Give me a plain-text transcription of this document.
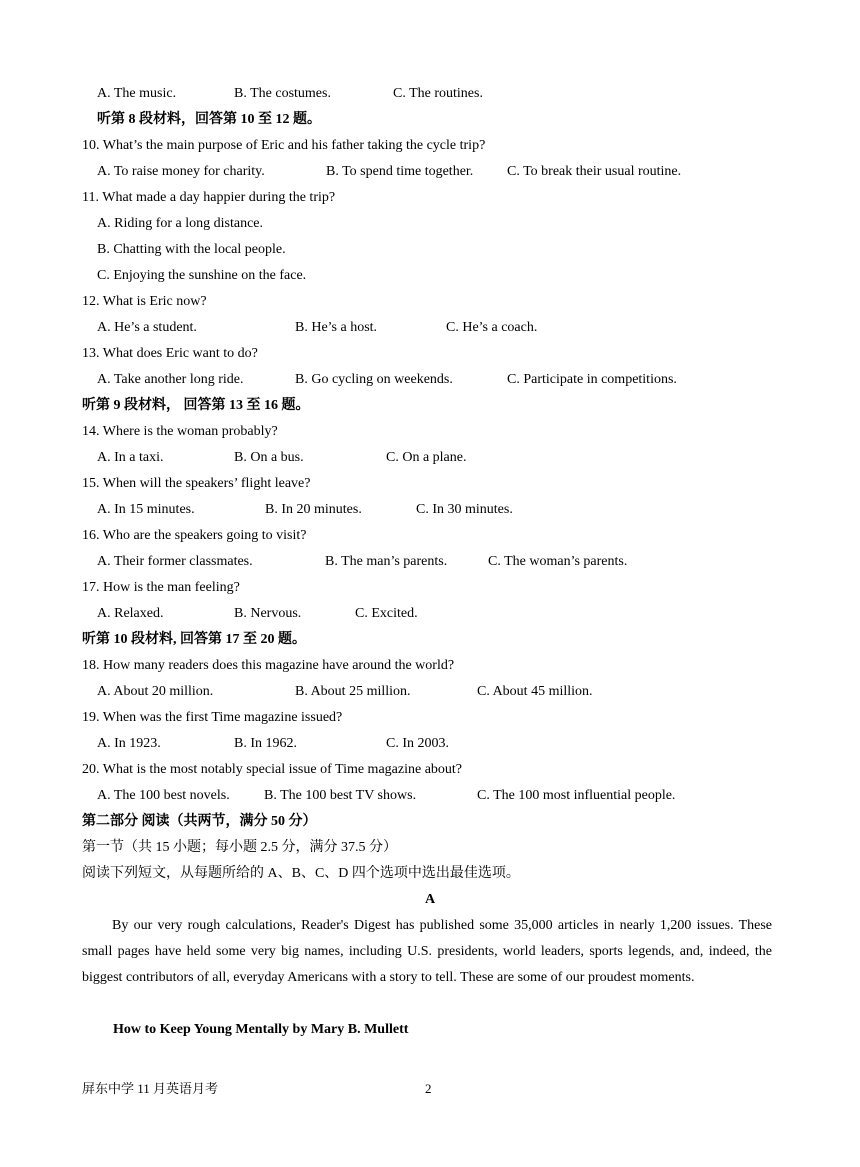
A. The music.	B. The costumes.	C. The routines.
听第 8 段材料，回答第 10 至 12 题。
10. What’s the main purpose of Eric and his father taking the cycle trip?
A. To raise money for charity.	B. To spend time together. C. To break their usual routine.
11. What made a day happier during the trip?
A. Riding for a long distance.
B. Chatting with the local people.
C. Enjoying the sunshine on the face.
12. What is Eric now?
A. He’s a student.	B. He’s a host.	C. He’s a coach.
13. What does Eric want to do?
A. Take another long ride.	B. Go cycling on weekends.	C. Participate in competitions.
听第 9 段材料， 回答第 13 至 16 题。
14. Where is the woman probably?
A. In a taxi.	B. On a bus.	C. On a plane.
15. When will the speakers’ flight leave?
A. In 15 minutes.	B. In 20 minutes.	C. In 30 minutes.
16. Who are the speakers going to visit?
A. Their former classmates.	B. The man’s parents.	C. The woman’s parents.
17. How is the man feeling?
A. Relaxed.	B. Nervous.	C. Excited.
听第 10 段材料, 回答第 17 至 20 题。
18. How many readers does this magazine have around the world?
A. About 20 million.	B. About 25 million.	C. About 45 million.
19. When was the first Time magazine issued?
A. In 1923.	B. In 1962.	C. In 2003.
20. What is the most notably special issue of Time magazine about?
A. The 100 best novels. B. The 100 best TV shows.	C. The 100 most influential people.
第二部分 阅读（共两节，满分 50 分）
第一节（共 15 小题；每小题 2.5 分，满分 37.5 分）
阅读下列短文，从每题所给的 A、B、C、D 四个选项中选出最佳选项。
A
By our very rough calculations, Reader's Digest has published some 35,000 articles in nearly 1,200 issues. These small pages have held some very big names, including U.S. presidents, world leaders, sports legends, and, indeed, the biggest contributors of all, everyday Americans with a story to tell. These are some of our proudest moments.
How to Keep Young Mentally by Mary B. Mullett
屏东中学 11 月英语月考	2
